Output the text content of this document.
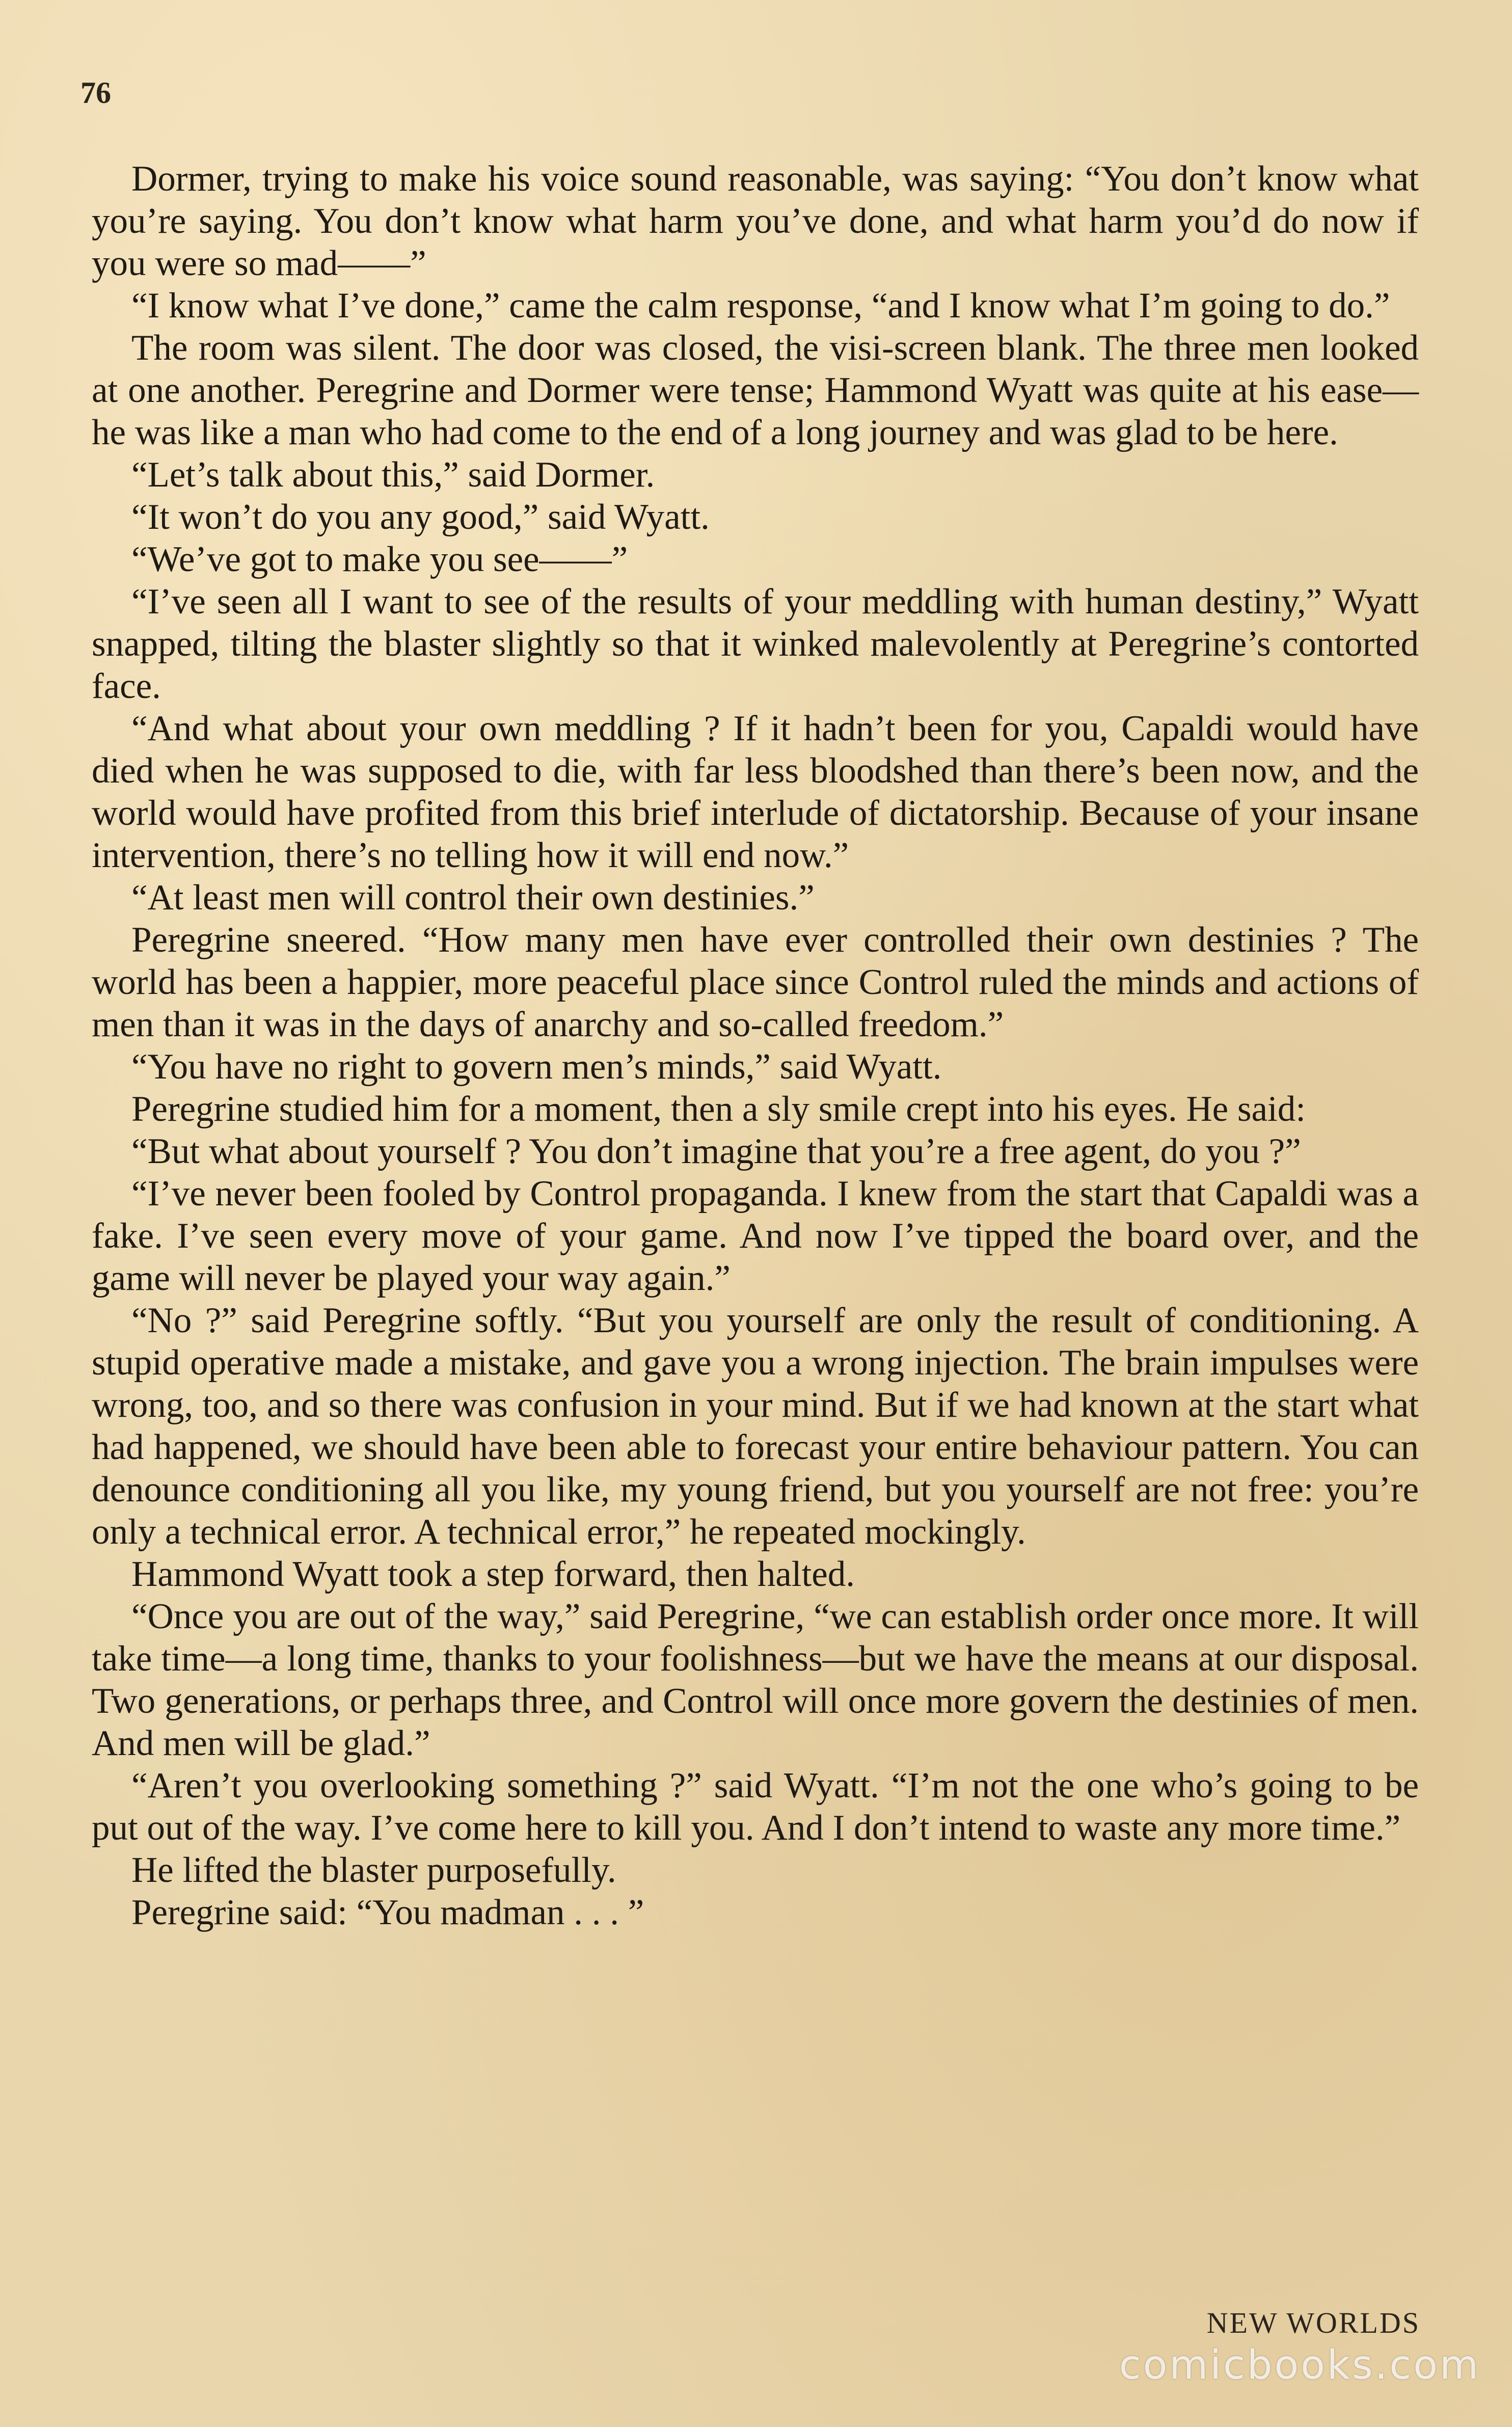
76

Dormer, trying to make his voice sound reasonable, was saying: “You don’t know what you’re saying. You don’t know what harm you’ve done, and what harm you’d do now if you were so mad——”

“I know what I’ve done,” came the calm response, “and I know what I’m going to do.”

The room was silent. The door was closed, the visi-screen blank. The three men looked at one another. Peregrine and Dormer were tense; Hammond Wyatt was quite at his ease—he was like a man who had come to the end of a long journey and was glad to be here.

“Let’s talk about this,” said Dormer.

“It won’t do you any good,” said Wyatt.

“We’ve got to make you see——”

“I’ve seen all I want to see of the results of your meddling with human destiny,” Wyatt snapped, tilting the blaster slightly so that it winked malevolently at Peregrine’s contorted face.

“And what about your own meddling ? If it hadn’t been for you, Capaldi would have died when he was supposed to die, with far less bloodshed than there’s been now, and the world would have profited from this brief interlude of dictatorship. Because of your insane intervention, there’s no telling how it will end now.”

“At least men will control their own destinies.”

Peregrine sneered. “How many men have ever controlled their own destinies ? The world has been a happier, more peaceful place since Control ruled the minds and actions of men than it was in the days of anarchy and so-called freedom.”

“You have no right to govern men’s minds,” said Wyatt.

Peregrine studied him for a moment, then a sly smile crept into his eyes. He said:

“But what about yourself ? You don’t imagine that you’re a free agent, do you ?”

“I’ve never been fooled by Control propaganda. I knew from the start that Capaldi was a fake. I’ve seen every move of your game. And now I’ve tipped the board over, and the game will never be played your way again.”

“No ?” said Peregrine softly. “But you yourself are only the result of conditioning. A stupid operative made a mistake, and gave you a wrong injection. The brain impulses were wrong, too, and so there was confusion in your mind. But if we had known at the start what had happened, we should have been able to forecast your entire behaviour pattern. You can denounce conditioning all you like, my young friend, but you yourself are not free: you’re only a technical error. A technical error,” he repeated mockingly.

Hammond Wyatt took a step forward, then halted.

“Once you are out of the way,” said Peregrine, “we can establish order once more. It will take time—a long time, thanks to your foolishness—but we have the means at our disposal. Two generations, or perhaps three, and Control will once more govern the destinies of men. And men will be glad.”

“Aren’t you overlooking something ?” said Wyatt. “I’m not the one who’s going to be put out of the way. I’ve come here to kill you. And I don’t intend to waste any more time.”

He lifted the blaster purposefully.

Peregrine said: “You madman . . . ”

NEW WORLDS
comicbooks.com
